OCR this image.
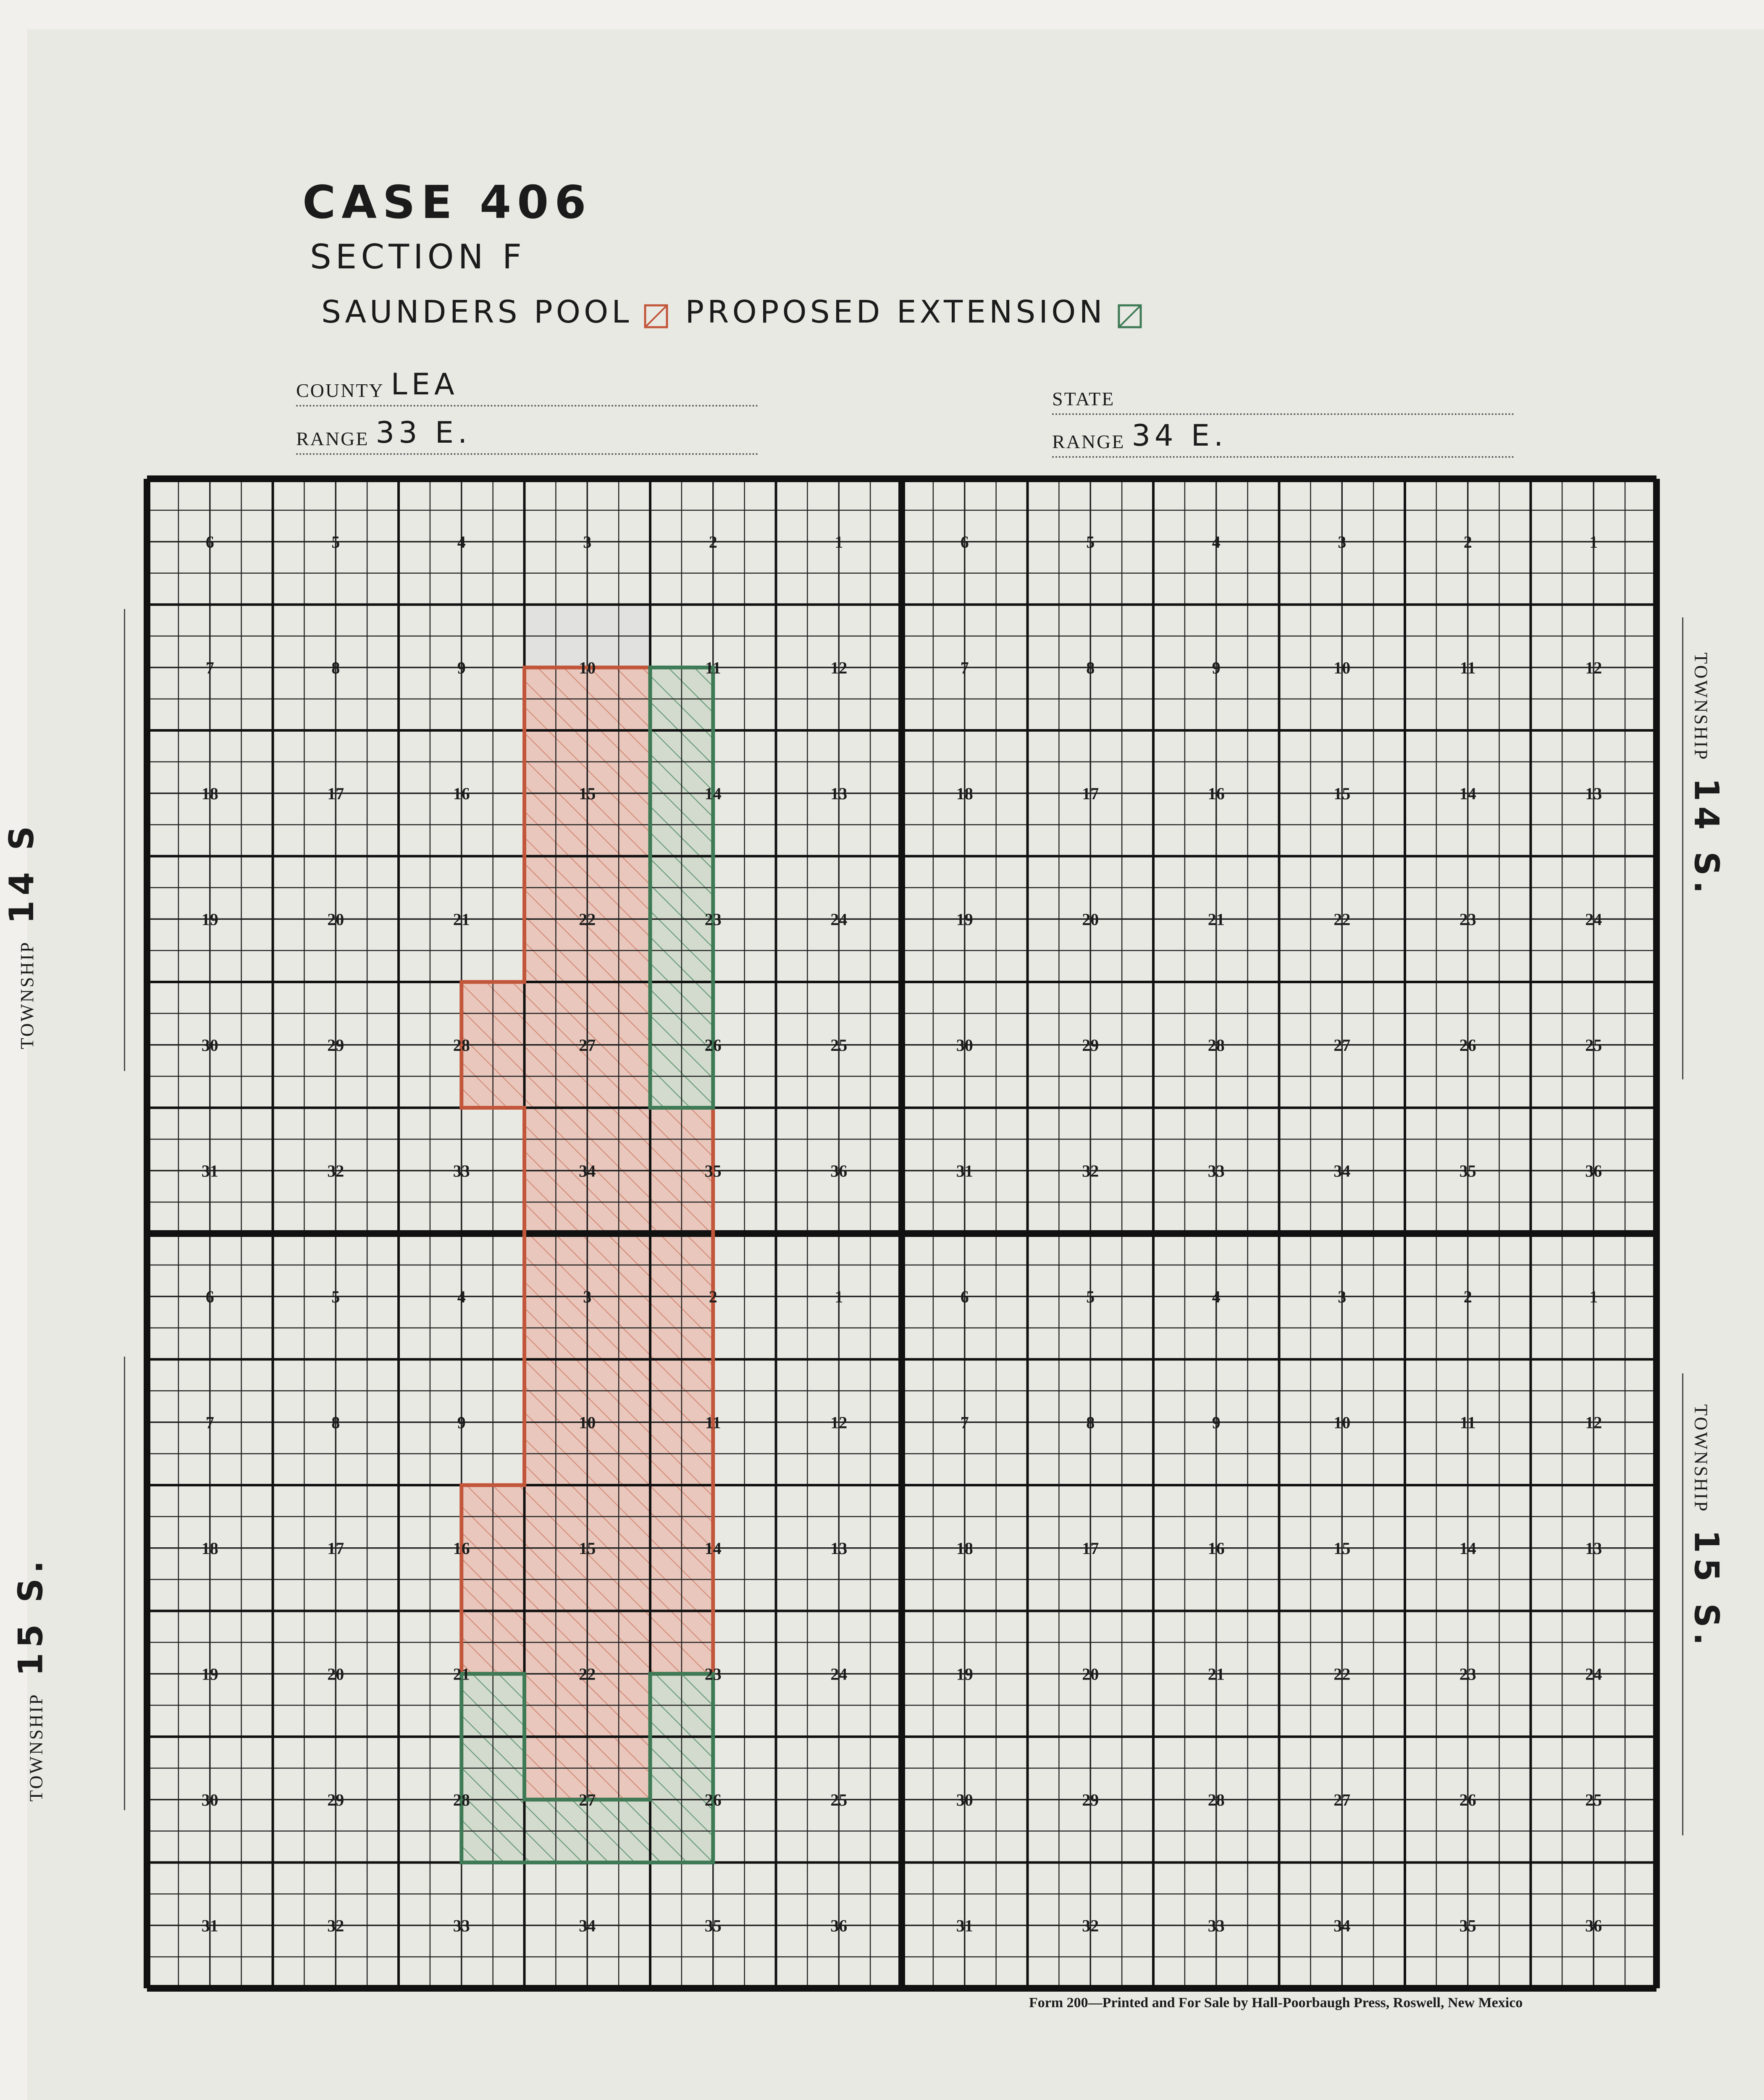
CASE 406
SECTION F
SAUNDERS POOL PROPOSED EXTENSION
COUNTY LEA	STATE
RANGE 33 E.	RANGE 34 E.
TOWNSHIP14 S
TOWNSHIP15 S.
TOWNSHIP14 S.
TOWNSHIP15 S.
6	5	4	3	2	1
7	8	9	10	11	12
18	17	16	15	14	13
19	20	21	22	23	24
30	29	28	27	26	25
31	32	33	34	35	36
6	5	4	3	2	1
7	8	9	10	11	12
18	17	16	15	14	13
19	20	21	22	23	24
30	29	28	27	26	25
31	32	33	34	35	36
6	5	4	3	2	1
7	8	9	10	11	12
18	17	16	15	14	13
19	20	21	22	23	24
30	29	28	27	26	25
31	32	33	34	35	36
6	5	4	3	2	1
7	8	9	10	11	12
18	17	16	15	14	13
19	20	21	22	23	24
30	29	28	27	26	25
31	32	33	34	35	36
Form 200—Printed and For Sale by Hall-Poorbaugh Press, Roswell, New Mexico
